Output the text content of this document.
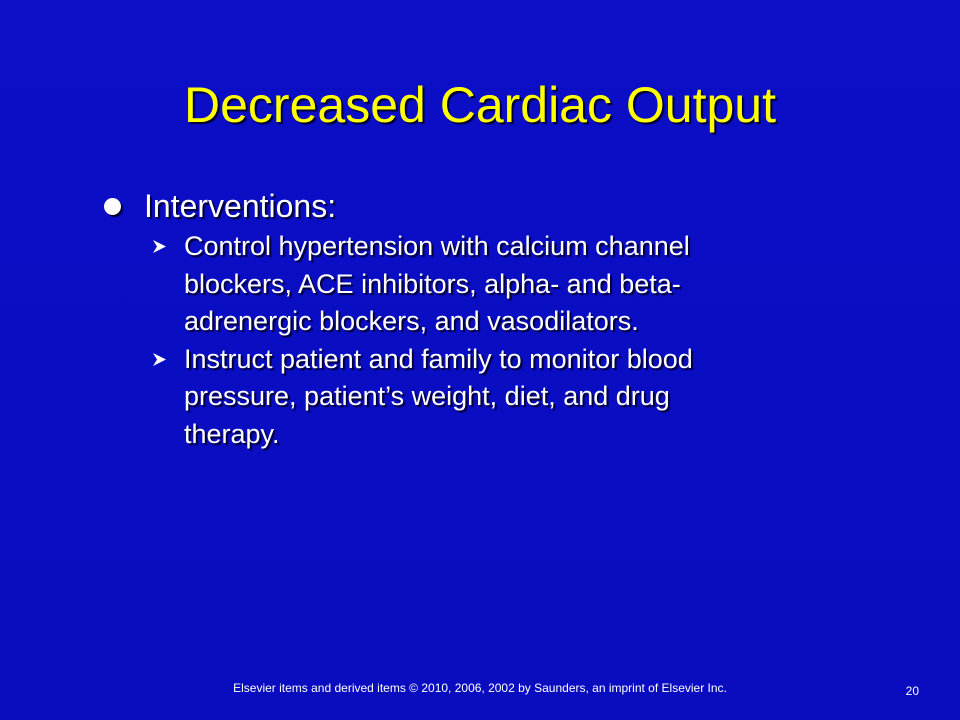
Decreased Cardiac Output
Interventions:
Control hypertension with calcium channel
blockers, ACE inhibitors, alpha- and beta-
adrenergic blockers, and vasodilators.
Instruct patient and family to monitor blood
pressure, patient’s weight, diet, and drug
therapy.
Elsevier items and derived items © 2010, 2006, 2002 by Saunders, an imprint of Elsevier Inc.	20
